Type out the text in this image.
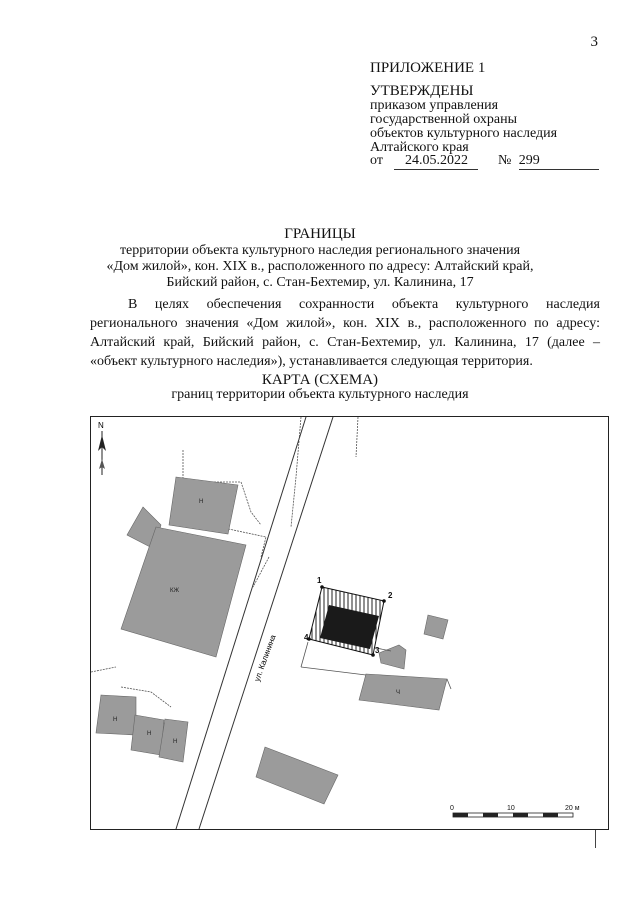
3
ПРИЛОЖЕНИЕ 1
УТВЕРЖДЕНЫ
приказом управления
государственной охраны
объектов культурного наследия
Алтайского края
от 24.05.2022 № 299
ГРАНИЦЫ
территории объекта культурного наследия регионального значения
«Дом жилой», кон. XIX в., расположенного по адресу: Алтайский край,
Бийский район, с. Стан-Бехтемир, ул. Калинина, 17
В целях обеспечения сохранности объекта культурного наследия регионального значения «Дом жилой», кон. XIX в., расположенного по адресу: Алтайский край, Бийский район, с. Стан-Бехтемир, ул. Калинина, 17 (далее – «объект культурного наследия»), устанавливается следующая территория.
КАРТА (СХЕМА)
границ территории объекта культурного наследия
N
ул. Калинина
Н
КЖ
Н
Н
Н
Ч
1
2
3
4
0	10	20 м
